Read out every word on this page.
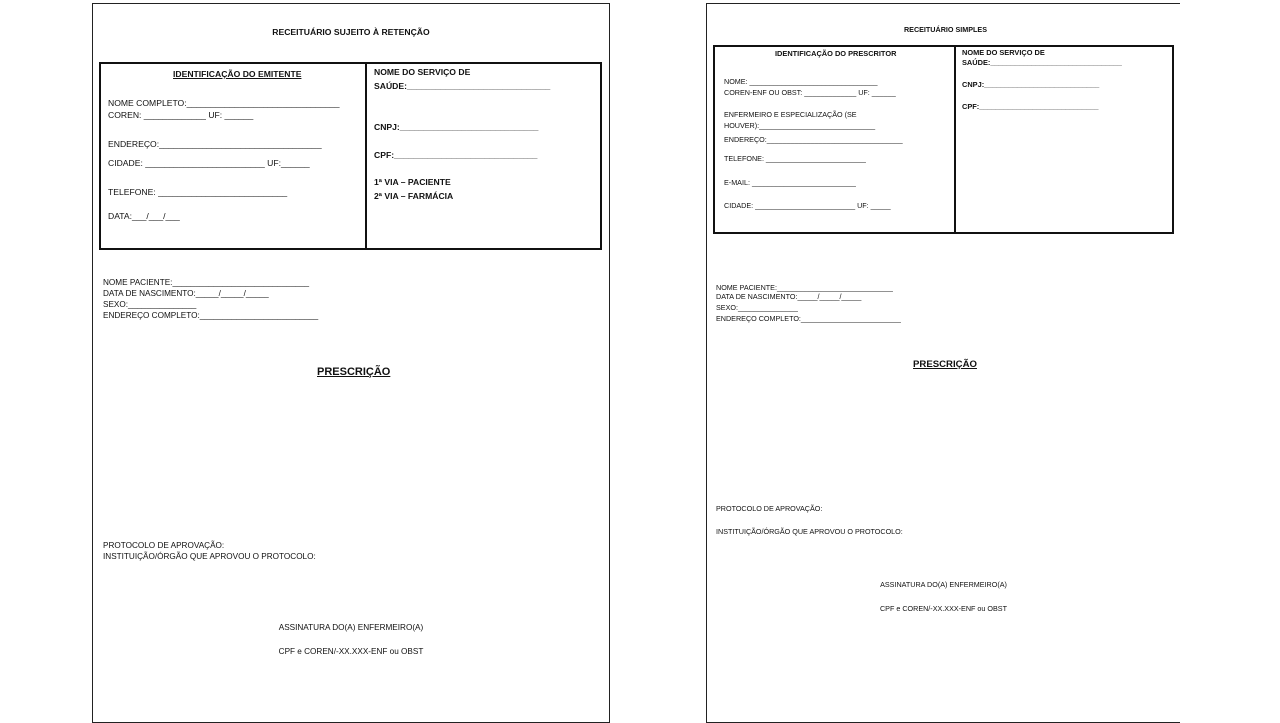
RECEITUÁRIO SUJEITO À RETENÇÃO
IDENTIFICAÇÃO DO EMITENTE
NOME COMPLETO:________________________________
COREN: _____________ UF: ______
ENDEREÇO:__________________________________
CIDADE: _________________________ UF:______
TELEFONE: ___________________________
DATA:___/___/___
NOME DO SERVIÇO DE
SAÚDE:______________________________
CNPJ:_____________________________
CPF:______________________________
1ª VIA – PACIENTE
2ª VIA – FARMÁCIA
NOME PACIENTE:______________________________
DATA DE NASCIMENTO:_____/_____/_____
SEXO:_______________
ENDEREÇO COMPLETO:__________________________
PRESCRIÇÃO
PROTOCOLO DE APROVAÇÃO:
INSTITUIÇÃO/ÓRGÃO QUE APROVOU O PROTOCOLO:
ASSINATURA DO(A) ENFERMEIRO(A)
CPF e COREN/-XX.XXX-ENF ou OBST
RECEITUÁRIO SIMPLES
IDENTIFICAÇÃO DO PRESCRITOR
NOME: ________________________________
COREN-ENF OU OBST: _____________ UF: ______
ENFERMEIRO E ESPECIALIZAÇÃO (SE
HOUVER):_____________________________
ENDEREÇO:__________________________________
TELEFONE: _________________________
E-MAIL: __________________________
CIDADE: _________________________ UF: _____
NOME DO SERVIÇO DE
SAÚDE:________________________________
CNPJ:____________________________
CPF:_____________________________
NOME PACIENTE:_____________________________
DATA DE NASCIMENTO:_____/_____/_____
SEXO:_______________
ENDEREÇO COMPLETO:_________________________
PRESCRIÇÃO
PROTOCOLO DE APROVAÇÃO:
INSTITUIÇÃO/ÓRGÃO QUE APROVOU O PROTOCOLO:
ASSINATURA DO(A) ENFERMEIRO(A)
CPF e COREN/-XX.XXX-ENF ou OBST
